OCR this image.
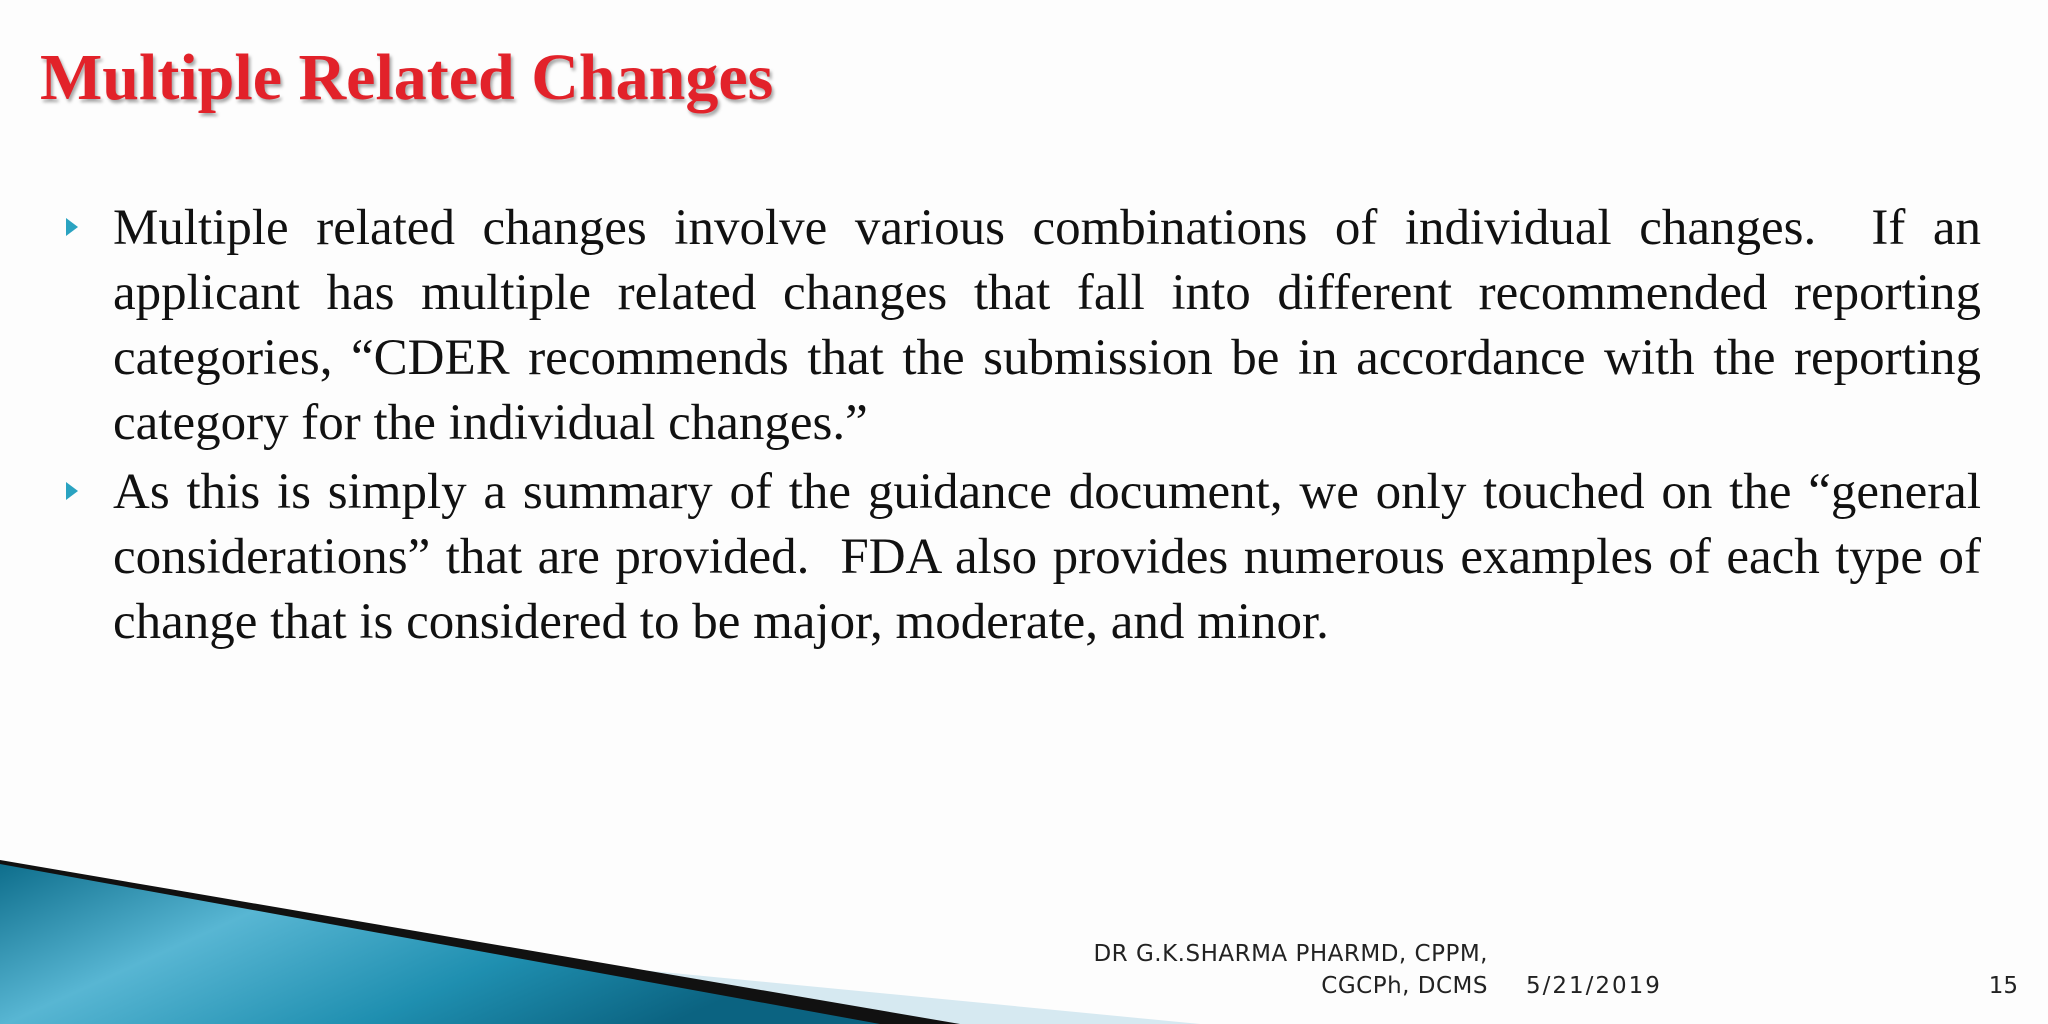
Multiple Related Changes

Multiple related changes involve various combinations of individual changes.  If an applicant has multiple related changes that fall into different recommended reporting categories, “CDER recommends that the submission be in accordance with the reporting category for the individual changes.”

As this is simply a summary of the guidance document, we only touched on the “general considerations” that are provided.  FDA also provides numerous examples of each type of change that is considered to be major, moderate, and minor.

DR G.K.SHARMA PHARMD, CPPM,
CGCPh, DCMS 5/21/2019	15
